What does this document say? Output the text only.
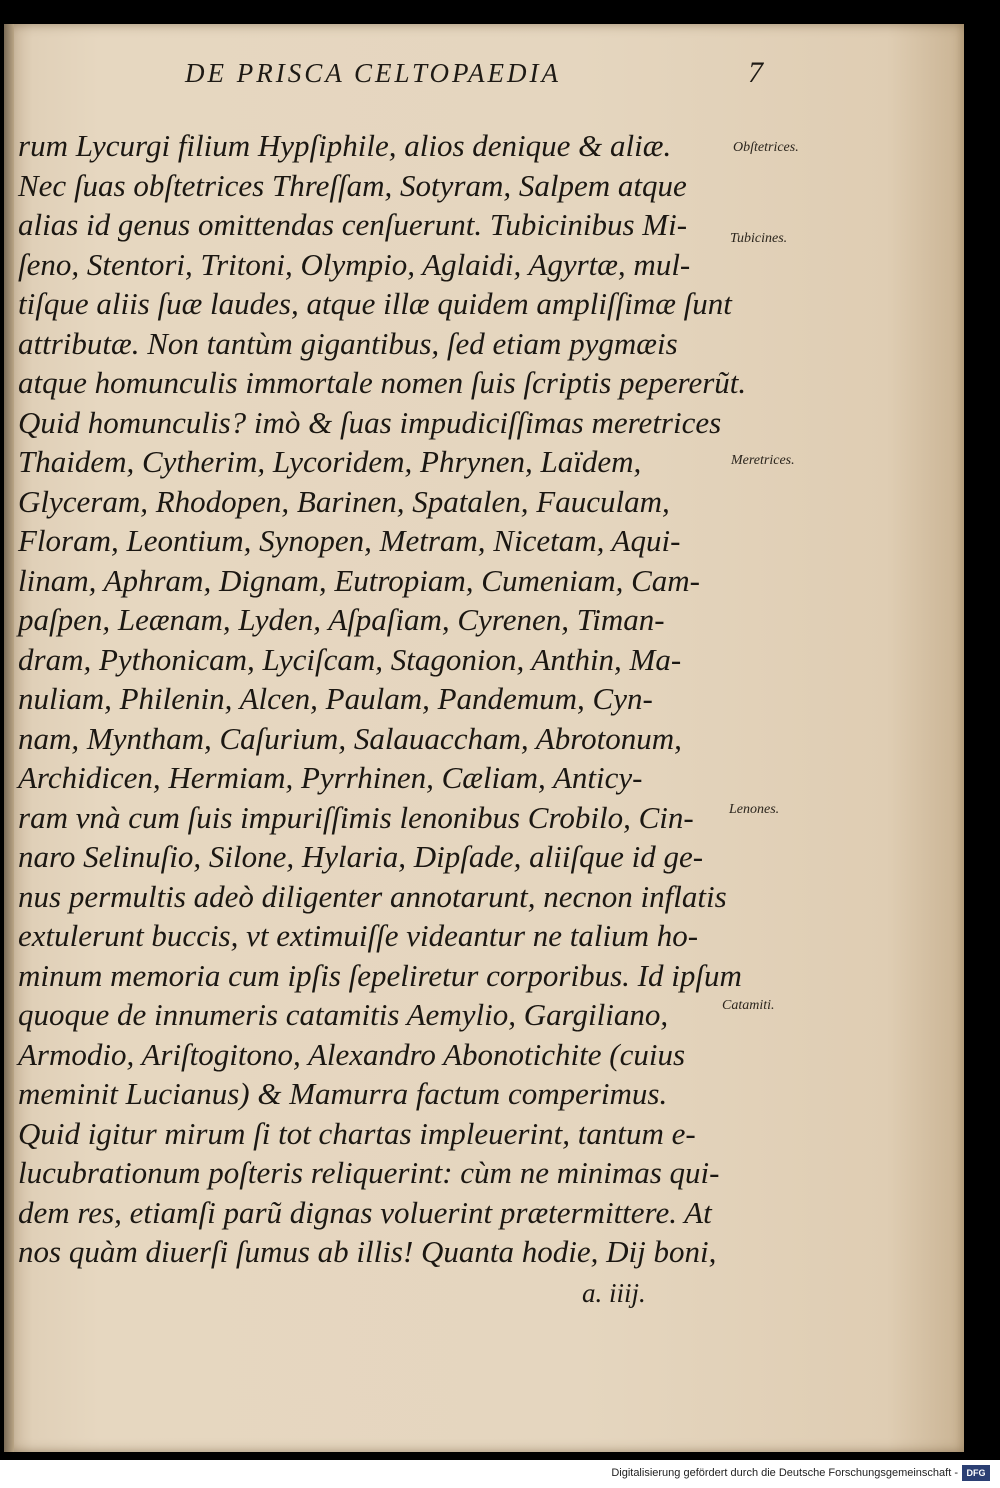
DE PRISCA CELTOPAEDIA	7
rum Lycurgi filium Hypſiphile, alios denique & aliæ.
Nec ſuas obſtetrices Threſſam, Sotyram, Salpem atque
alias id genus omittendas cenſuerunt. Tubicinibus Mi-
ſeno, Stentori, Tritoni, Olympio, Aglaidi, Agyrtæ, mul-
tiſque aliis ſuæ laudes, atque illæ quidem ampliſſimæ ſunt
attributæ. Non tantùm gigantibus, ſed etiam pygmæis
atque homunculis immortale nomen ſuis ſcriptis pepererũt.
Quid homunculis? imò & ſuas impudiciſſimas meretrices
Thaidem, Cytherim, Lycoridem, Phrynen, Laïdem,
Glyceram, Rhodopen, Barinen, Spatalen, Fauculam,
Floram, Leontium, Synopen, Metram, Nicetam, Aqui-
linam, Aphram, Dignam, Eutropiam, Cumeniam, Cam-
paſpen, Leænam, Lyden, Aſpaſiam, Cyrenen, Timan-
dram, Pythonicam, Lyciſcam, Stagonion, Anthin, Ma-
nuliam, Philenin, Alcen, Paulam, Pandemum, Cyn-
nam, Myntham, Caſurium, Salauaccham, Abrotonum,
Archidicen, Hermiam, Pyrrhinen, Cæliam, Anticy-
ram vnà cum ſuis impuriſſimis lenonibus Crobilo, Cin-
naro Selinuſio, Silone, Hylaria, Dipſade, aliiſque id ge-
nus permultis adeò diligenter annotarunt, necnon inflatis
extulerunt buccis, vt extimuiſſe videantur ne talium ho-
minum memoria cum ipſis ſepeliretur corporibus. Id ipſum
quoque de innumeris catamitis Aemylio, Gargiliano,
Armodio, Ariſtogitono, Alexandro Abonotichite (cuius
meminit Lucianus) & Mamurra factum comperimus.
Quid igitur mirum ſi tot chartas impleuerint, tantum e-
lucubrationum poſteris reliquerint: cùm ne minimas qui-
dem res, etiamſi parũ dignas voluerint prætermittere. At
nos quàm diuerſi ſumus ab illis! Quanta hodie, Dij boni,
Obſtetrices.
Tubicines.
Meretrices.
Lenones.
Catamiti.
a. iiij.
Digitalisierung gefördert durch die Deutsche Forschungsgemeinschaft - DFG
